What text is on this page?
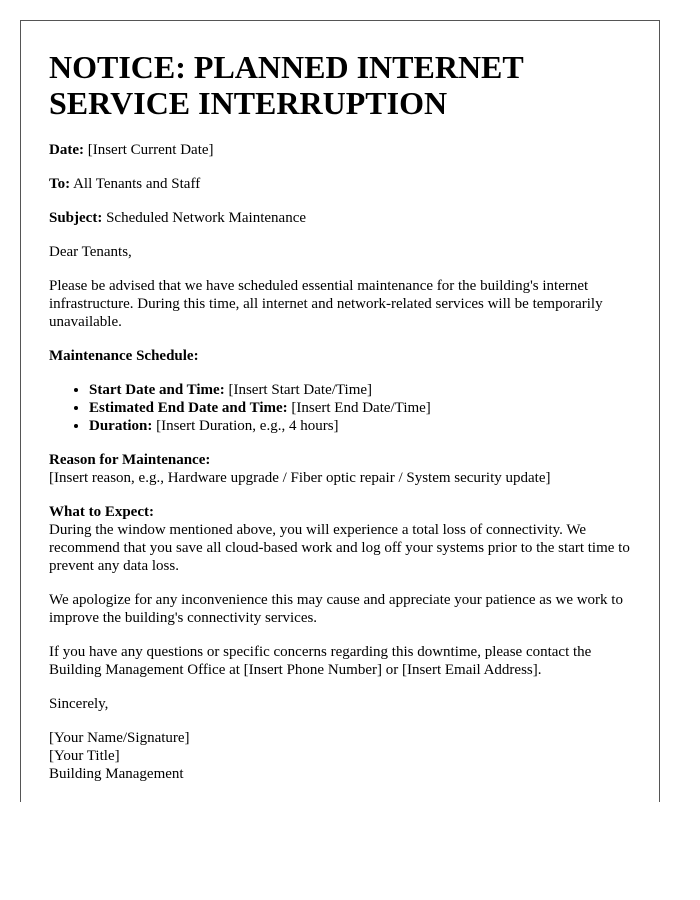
NOTICE: PLANNED INTERNET SERVICE INTERRUPTION

Date: [Insert Current Date]

To: All Tenants and Staff

Subject: Scheduled Network Maintenance

Dear Tenants,

Please be advised that we have scheduled essential maintenance for the building's internet infrastructure. During this time, all internet and network-related services will be temporarily unavailable.

Maintenance Schedule:

• Start Date and Time: [Insert Start Date/Time]
• Estimated End Date and Time: [Insert End Date/Time]
• Duration: [Insert Duration, e.g., 4 hours]

Reason for Maintenance:
[Insert reason, e.g., Hardware upgrade / Fiber optic repair / System security update]

What to Expect:
During the window mentioned above, you will experience a total loss of connectivity. We recommend that you save all cloud-based work and log off your systems prior to the start time to prevent any data loss.

We apologize for any inconvenience this may cause and appreciate your patience as we work to improve the building's connectivity services.

If you have any questions or specific concerns regarding this downtime, please contact the Building Management Office at [Insert Phone Number] or [Insert Email Address].

Sincerely,

[Your Name/Signature]

[Your Title]

Building Management
